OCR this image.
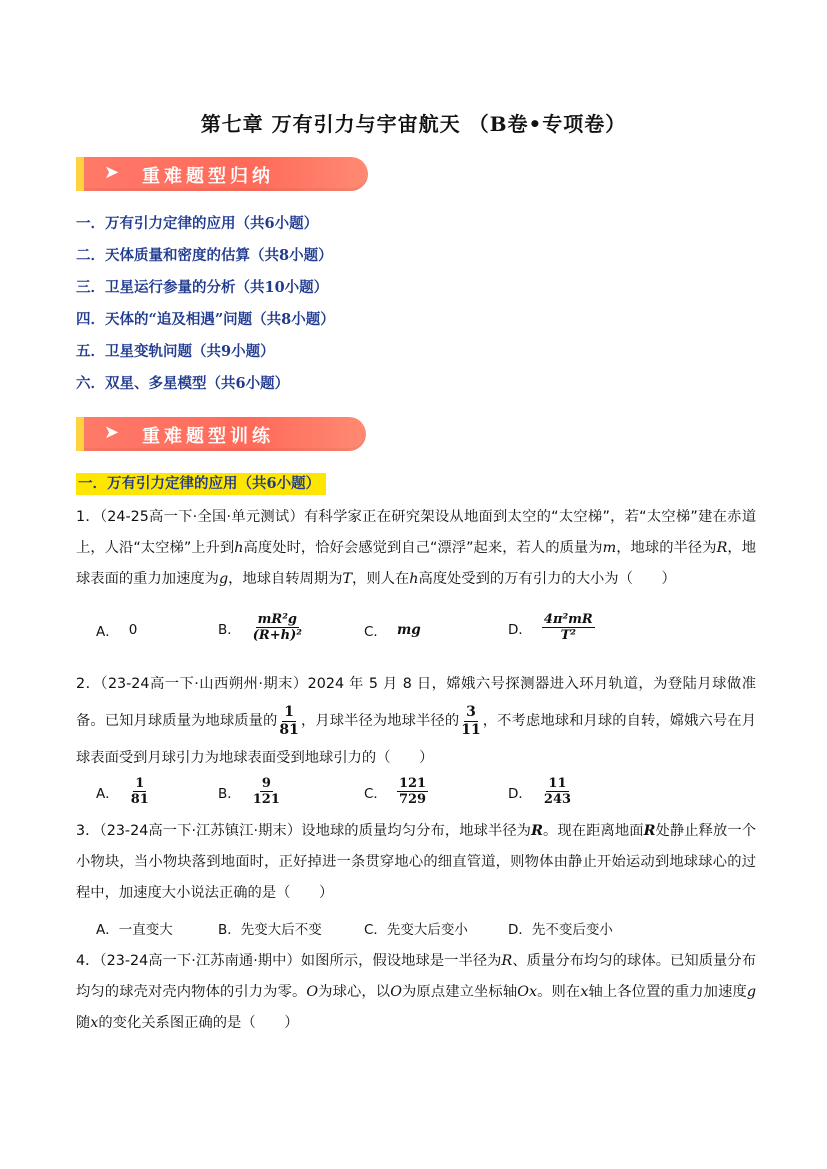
第七章 万有引力与宇宙航天 （B卷•专项卷）
➤ 重难题型归纳
一．万有引力定律的应用（共6小题）
二．天体质量和密度的估算（共8小题）
三．卫星运行参量的分析（共10小题）
四．天体的“追及相遇”问题（共8小题）
五．卫星变轨问题（共9小题）
六．双星、多星模型（共6小题）
➤ 重难题型训练
一．万有引力定律的应用（共6小题）
1．（24-25高一下·全国·单元测试）有科学家正在研究架设从地面到太空的“太空梯”，若“太空梯”建在赤道上，人沿“太空梯”上升到h高度处时，恰好会感觉到自己“漂浮”起来，若人的质量为m，地球的半径为R，地球表面的重力加速度为g，地球自转周期为T，则人在h高度处受到的万有引力的大小为（　　）
A． 0	B． $\frac{\text{mR²g}}{\text{(R+h)²}}$	C． mg	D． $\frac{\text{4π²mR}}{\text{T²}}$
2．（23-24高一下·山西朔州·期末）2024 年 5 月 8 日，嫦娥六号探测器进入环月轨道，为登陆月球做准备。已知月球质量为地球质量的 $\frac{1}{81}$ ，月球半径为地球半径的 $\frac{3}{11}$ ，不考虑地球和月球的自转，嫦娥六号在月球表面受到月球引力为地球表面受到地球引力的（　　）
A． $\frac{1}{81}$	B． $\frac{9}{121}$	C． $\frac{121}{729}$	D． $\frac{11}{243}$
3．（23-24高一下·江苏镇江·期末）设地球的质量均匀分布，地球半径为R。现在距离地面R处静止释放一个小物块，当小物块落到地面时，正好掉进一条贯穿地心的细直管道，则物体由静止开始运动到地球球心的过程中，加速度大小说法正确的是（　　）
A．一直变大	B．先变大后不变	C．先变大后变小	D．先不变后变小
4．（23-24高一下·江苏南通·期中）如图所示，假设地球是一半径为R、质量分布均匀的球体。已知质量分布均匀的球壳对壳内物体的引力为零。O为球心，以O为原点建立坐标轴Ox。则在x轴上各位置的重力加速度g随x的变化关系图正确的是（　　）
